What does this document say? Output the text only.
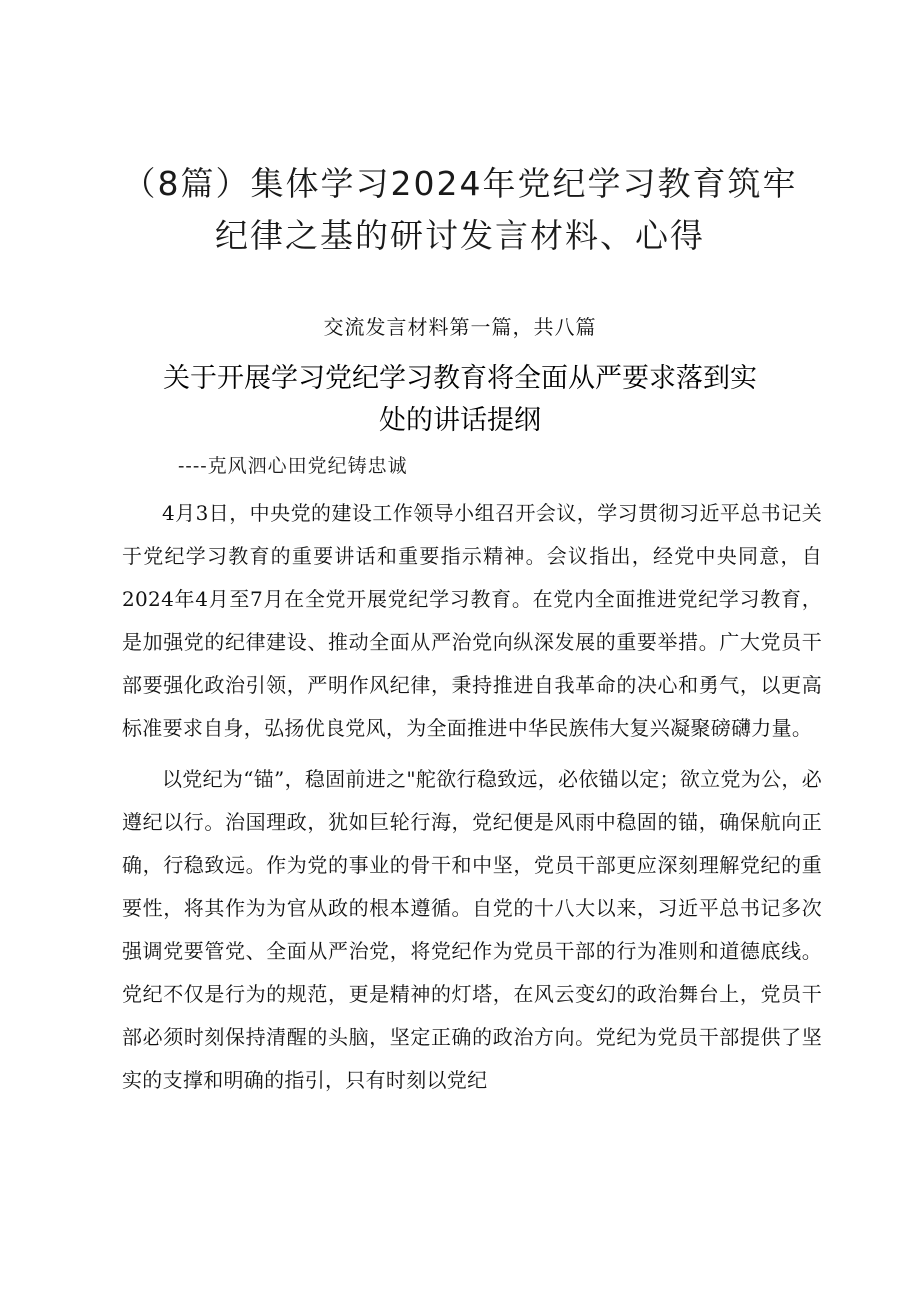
（8篇）集体学习2024年党纪学习教育筑牢
纪律之基的研讨发言材料、心得
交流发言材料第一篇，共八篇
关于开展学习党纪学习教育将全面从严要求落到实
处的讲话提纲
----克风泗心田党纪铸忠诚

4月3日，中央党的建设工作领导小组召开会议，学习贯彻习近平总书记关于党纪学习教育的重要讲话和重要指示精神。会议指出，经党中央同意，自2024年4月至7月在全党开展党纪学习教育。在党内全面推进党纪学习教育，是加强党的纪律建设、推动全面从严治党向纵深发展的重要举措。广大党员干部要强化政治引领，严明作风纪律，秉持推进自我革命的决心和勇气，以更高标准要求自身，弘扬优良党风，为全面推进中华民族伟大复兴凝聚磅礴力量。

以党纪为“锚”，稳固前进之"舵欲行稳致远，必依锚以定；欲立党为公，必遵纪以行。治国理政，犹如巨轮行海，党纪便是风雨中稳固的锚，确保航向正确，行稳致远。作为党的事业的骨干和中坚，党员干部更应深刻理解党纪的重要性，将其作为为官从政的根本遵循。自党的十八大以来，习近平总书记多次强调党要管党、全面从严治党，将党纪作为党员干部的行为准则和道德底线。党纪不仅是行为的规范，更是精神的灯塔，在风云变幻的政治舞台上，党员干部必须时刻保持清醒的头脑，坚定正确的政治方向。党纪为党员干部提供了坚实的支撑和明确的指引，只有时刻以党纪
